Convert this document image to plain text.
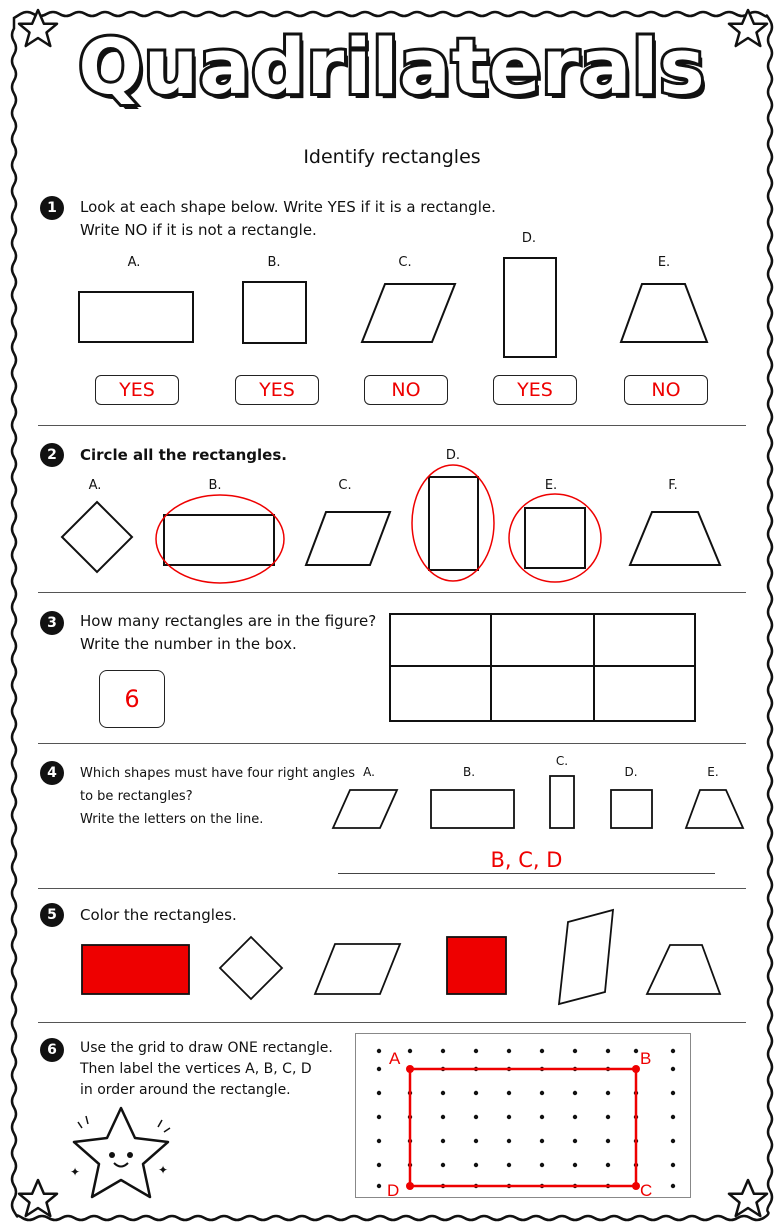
Quadrilaterals
Identify rectangles
1	Look at each shape below. Write YES if it is a rectangle.
Write NO if it is not a rectangle.
A.	B.	C.
D.
E.
YES	YES	NO	YES	NO
2	Circle all the rectangles.
A.	B.	C.
D.
E.	F.
3	How many rectangles are in the figure?
Write the number in the box.
6
4	Which shapes must have four right angles
to be rectangles?
Write the letters on the line.
A.	B.
C.
D.	E.
B, C, D
5	Color the rectangles.
6	Use the grid to draw ONE rectangle.
Then label the vertices A, B, C, D
in order around the rectangle.
✦	✦
A	B
C
D
